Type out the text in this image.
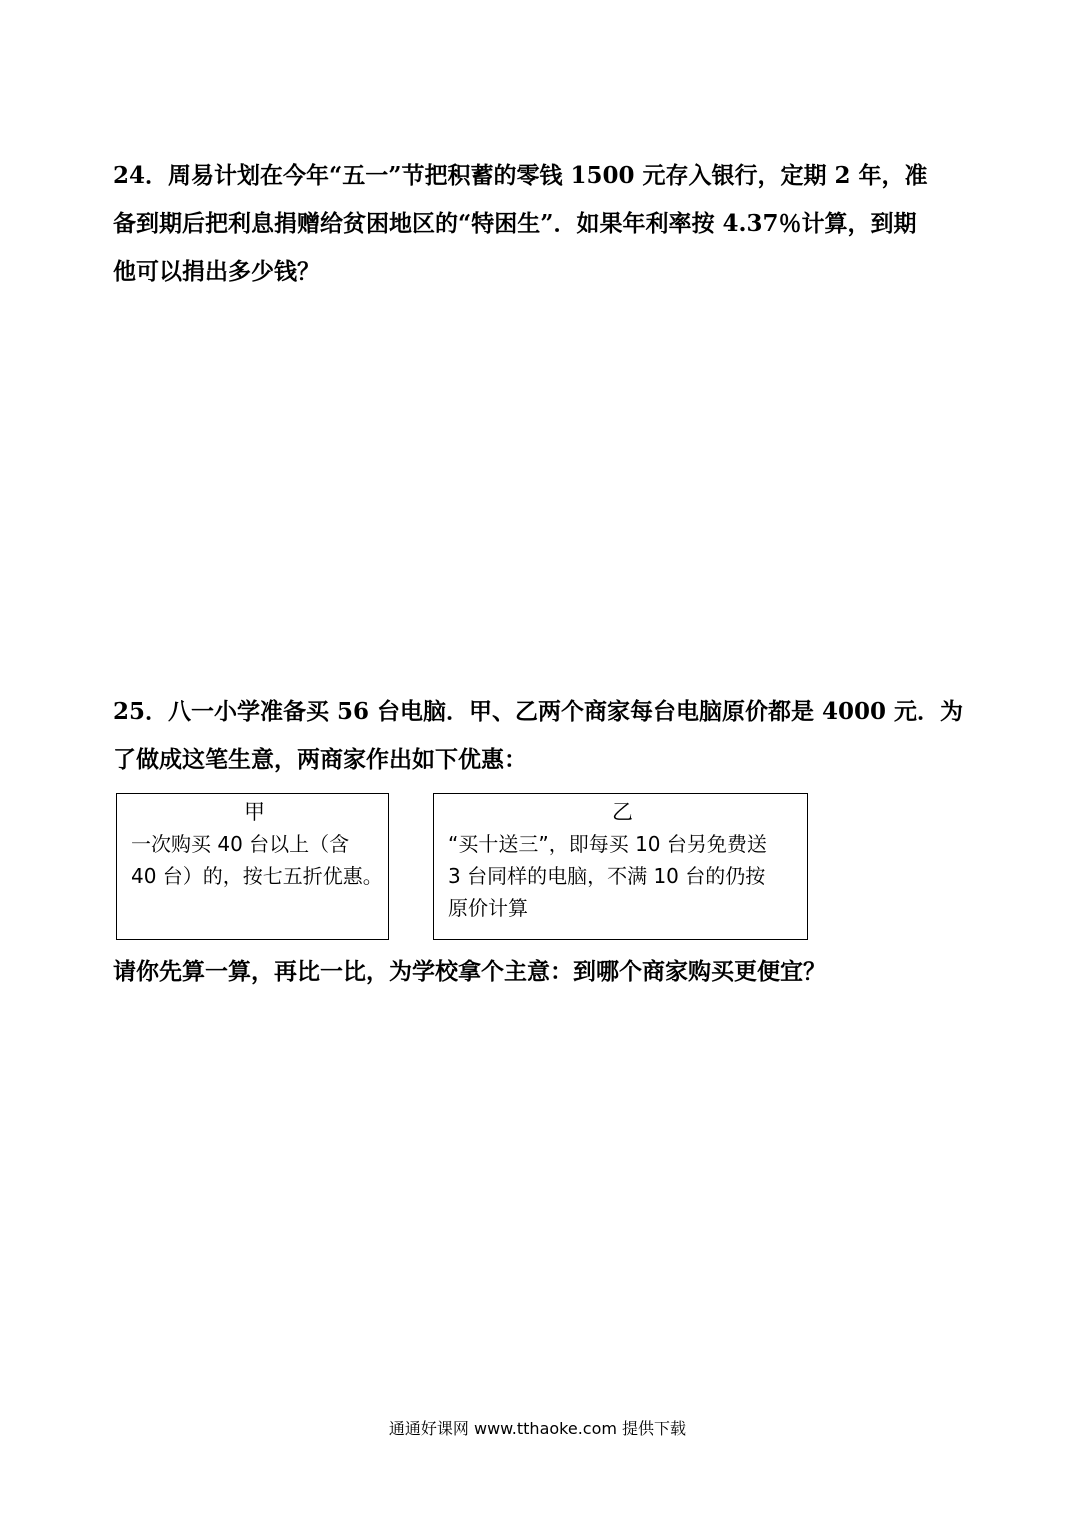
24．周易计划在今年“五一”节把积蓄的零钱 1500 元存入银行，定期 2 年，准
备到期后把利息捐赠给贫困地区的“特困生”．如果年利率按 4.37％计算，到期
他可以捐出多少钱？
25．八一小学准备买 56 台电脑．甲、乙两个商家每台电脑原价都是 4000 元．为
了做成这笔生意，两商家作出如下优惠：
甲
一次购买 40 台以上（含
40 台）的，按七五折优惠。
乙
“买十送三”，即每买 10 台另免费送
3 台同样的电脑，不满 10 台的仍按
原价计算
请你先算一算，再比一比，为学校拿个主意：到哪个商家购买更便宜？
通通好课网 www.tthaoke.com 提供下载
